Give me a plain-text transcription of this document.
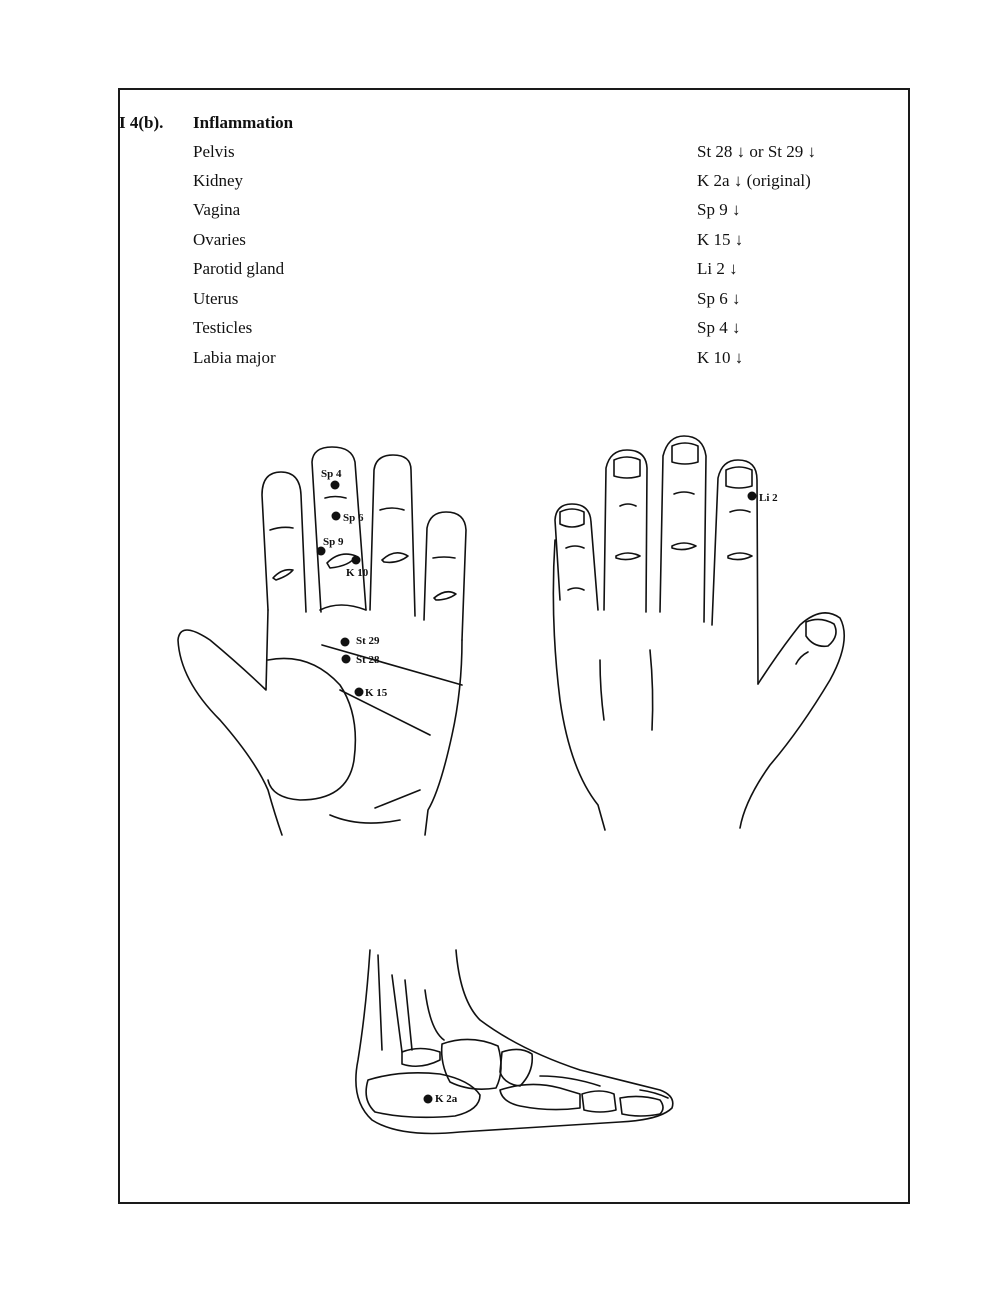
I 4(b). Inflammation
Pelvis	St 28 ↓ or St 29 ↓
Kidney	K 2a ↓ (original)
Vagina	Sp 9 ↓
Ovaries	K 15 ↓
Parotid gland	Li 2 ↓
Uterus	Sp 6 ↓
Testicles	Sp 4 ↓
Labia major	K 10 ↓
Sp 4
Sp 6
Sp 9
K 10
St 29
St 28
K 15
Li 2
K 2a
